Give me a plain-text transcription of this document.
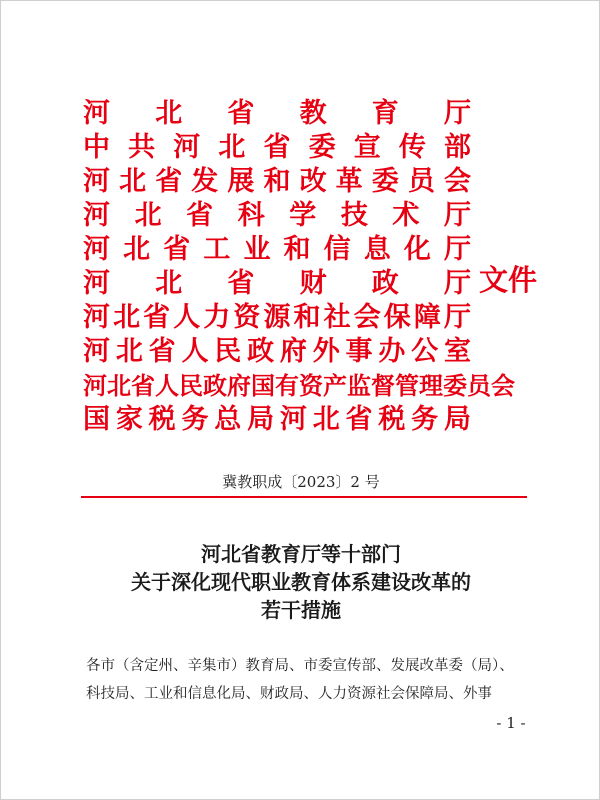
河 北 省 教 育 厅
中 共 河 北 省 委 宣 传 部
河 北 省 发 展 和 改 革 委 员 会
河 北 省 科 学 技 术 厅
河 北 省 工 业 和 信 息 化 厅
河 北 省 财 政 厅
河 北 省 人 力 资 源 和 社 会 保 障 厅
河 北 省 人 民 政 府 外 事 办 公 室
河 北 省 人 民 政 府 国 有 资 产 监 督 管 理 委 员 会
国 家 税 务 总 局 河 北 省 税 务 局
文件
冀教职成〔2023〕2 号
河北省教育厅等十部门
关于深化现代职业教育体系建设改革的
若干措施
各市（含定州、辛集市）教育局、市委宣传部、发展改革委（局）、
科技局、工业和信息化局、财政局、人力资源社会保障局、外事
- 1 -
